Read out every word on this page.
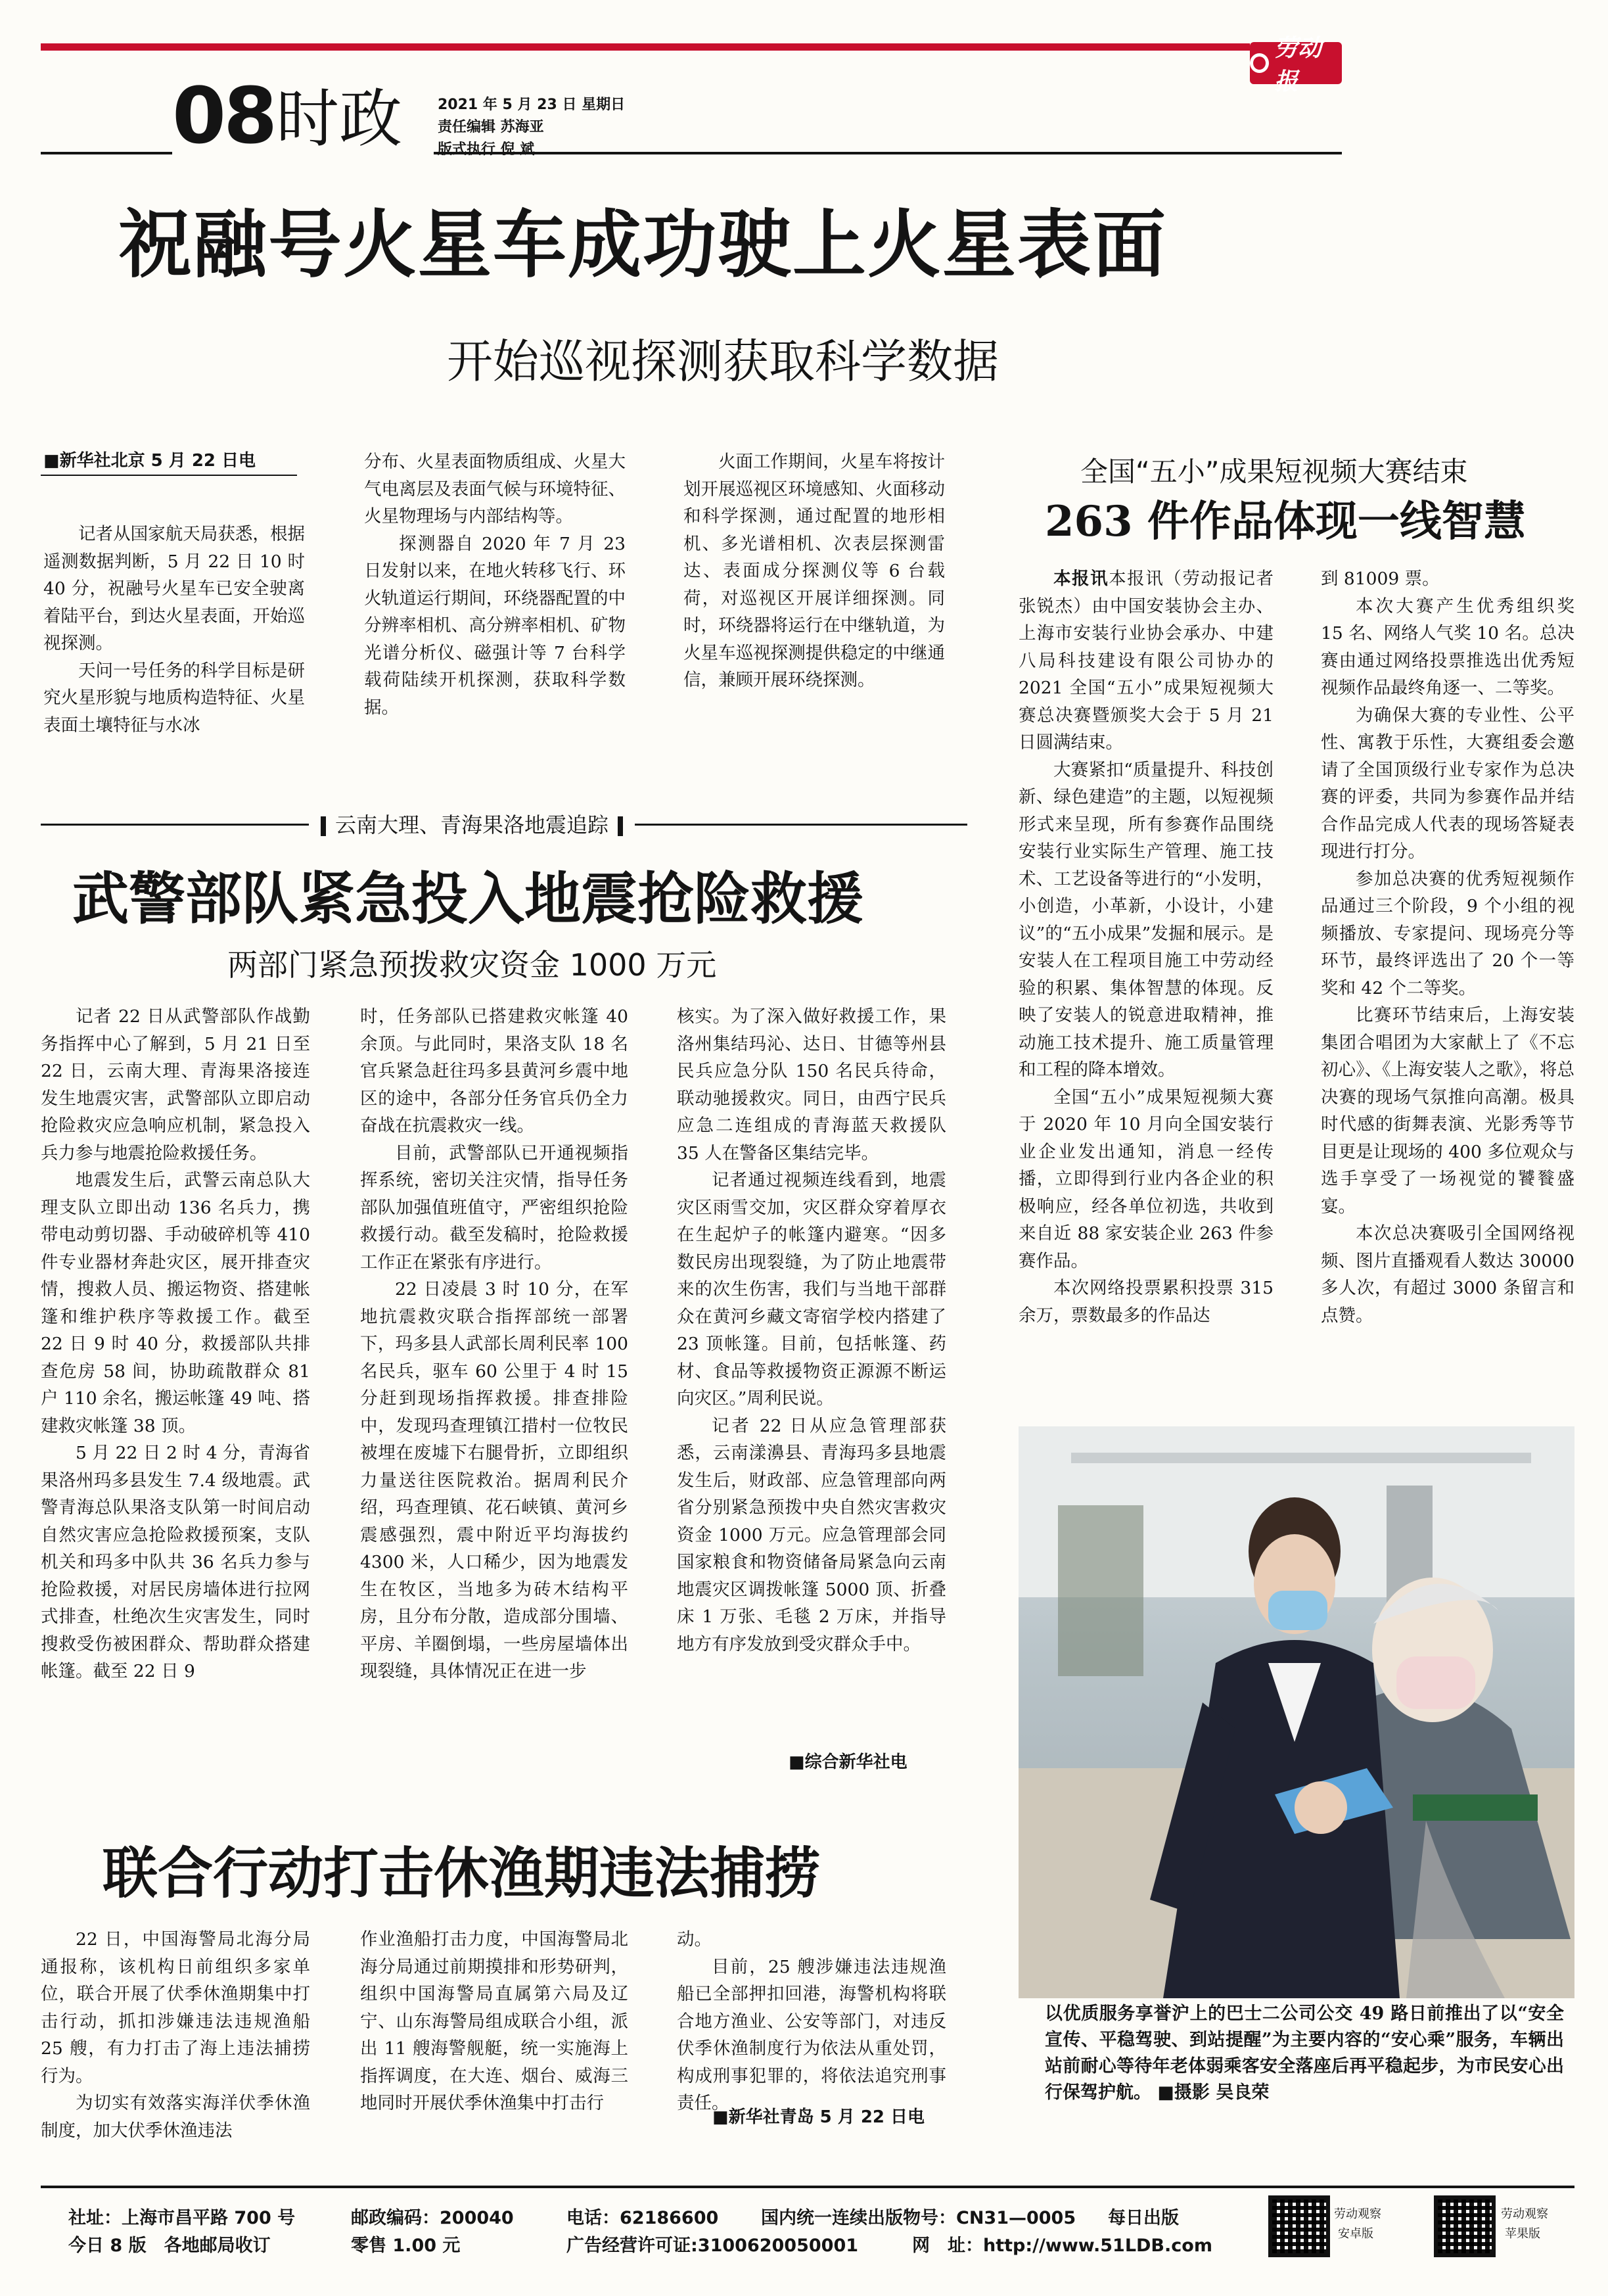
劳动报
08 时政 2021 年 5 月 23 日 星期日
责任编辑 苏海亚
版式执行 倪 斌
祝融号火星车成功驶上火星表面
开始巡视探测获取科学数据
■ 新华社北京 5 月 22 日电

记者从国家航天局获悉，根据遥测数据判断，5 月 22 日 10 时 40 分，祝融号火星车已安全驶离着陆平台，到达火星表面，开始巡视探测。

天问一号任务的科学目标是研究火星形貌与地质构造特征、火星表面土壤特征与水冰

分布、火星表面物质组成、火星大气电离层及表面气候与环境特征、火星物理场与内部结构等。

探测器自 2020 年 7 月 23 日发射以来，在地火转移飞行、环火轨道运行期间，环绕器配置的中分辨率相机、高分辨率相机、矿物光谱分析仪、磁强计等 7 台科学载荷陆续开机探测，获取科学数据。

火面工作期间，火星车将按计划开展巡视区环境感知、火面移动和科学探测，通过配置的地形相机、多光谱相机、次表层探测雷达、表面成分探测仪等 6 台载荷，对巡视区开展详细探测。同时，环绕器将运行在中继轨道，为火星车巡视探测提供稳定的中继通信，兼顾开展环绕探测。

全国“五小”成果短视频大赛结束
263 件作品体现一线智慧

本报讯本报讯（劳动报记者 张锐杰）由中国安装协会主办、上海市安装行业协会承办、中建八局科技建设有限公司协办的 2021 全国“五小”成果短视频大赛总决赛暨颁奖大会于 5 月 21 日圆满结束。

大赛紧扣“质量提升、科技创新、绿色建造”的主题，以短视频形式来呈现，所有参赛作品围绕安装行业实际生产管理、施工技术、工艺设备等进行的“小发明，小创造，小革新，小设计，小建议”的“五小成果”发掘和展示。是安装人在工程项目施工中劳动经验的积累、集体智慧的体现。反映了安装人的锐意进取精神，推动施工技术提升、施工质量管理和工程的降本增效。

全国“五小”成果短视频大赛于 2020 年 10 月向全国安装行业企业发出通知，消息一经传播，立即得到行业内各企业的积极响应，经各单位初选，共收到来自近 88 家安装企业 263 件参赛作品。

本次网络投票累积投票 315 余万，票数最多的作品达

到 81009 票。

本次大赛产生优秀组织奖 15 名、网络人气奖 10 名。总决赛由通过网络投票推选出优秀短视频作品最终角逐一、二等奖。

为确保大赛的专业性、公平性、寓教于乐性，大赛组委会邀请了全国顶级行业专家作为总决赛的评委，共同为参赛作品并结合作品完成人代表的现场答疑表现进行打分。

参加总决赛的优秀短视频作品通过三个阶段，9 个小组的视频播放、专家提问、现场亮分等环节，最终评选出了 20 个一等奖和 42 个二等奖。

比赛环节结束后，上海安装集团合唱团为大家献上了《不忘初心》、《上海安装人之歌》，将总决赛的现场气氛推向高潮。极具时代感的街舞表演、光影秀等节目更是让现场的 400 多位观众与选手享受了一场视觉的饕餮盛宴。

本次总决赛吸引全国网络视频、图片直播观看人数达 30000 多人次，有超过 3000 条留言和点赞。

云南大理、青海果洛地震追踪
武警部队紧急投入地震抢险救援
两部门紧急预拨救灾资金 1000 万元

记者 22 日从武警部队作战勤务指挥中心了解到，5 月 21 日至 22 日，云南大理、青海果洛接连发生地震灾害，武警部队立即启动抢险救灾应急响应机制，紧急投入兵力参与地震抢险救援任务。

地震发生后，武警云南总队大理支队立即出动 136 名兵力，携带电动剪切器、手动破碎机等 410 件专业器材奔赴灾区，展开排查灾情，搜救人员、搬运物资、搭建帐篷和维护秩序等救援工作。截至 22 日 9 时 40 分，救援部队共排查危房 58 间，协助疏散群众 81 户 110 余名，搬运帐篷 49 吨、搭建救灾帐篷 38 顶。

5 月 22 日 2 时 4 分，青海省果洛州玛多县发生 7.4 级地震。武警青海总队果洛支队第一时间启动自然灾害应急抢险救援预案，支队机关和玛多中队共 36 名兵力参与抢险救援，对居民房墙体进行拉网式排查，杜绝次生灾害发生，同时搜救受伤被困群众、帮助群众搭建帐篷。截至 22 日 9

时，任务部队已搭建救灾帐篷 40 余顶。与此同时，果洛支队 18 名官兵紧急赶往玛多县黄河乡震中地区的途中，各部分任务官兵仍全力奋战在抗震救灾一线。

目前，武警部队已开通视频指挥系统，密切关注灾情，指导任务部队加强值班值守，严密组织抢险救援行动。截至发稿时，抢险救援工作正在紧张有序进行。

22 日凌晨 3 时 10 分，在军地抗震救灾联合指挥部统一部署下，玛多县人武部长周利民率 100 名民兵，驱车 60 公里于 4 时 15 分赶到现场指挥救援。排查排险中，发现玛查理镇江措村一位牧民被埋在废墟下右腿骨折，立即组织力量送往医院救治。据周利民介绍，玛查理镇、花石峡镇、黄河乡震感强烈，震中附近平均海拔约 4300 米，人口稀少，因为地震发生在牧区，当地多为砖木结构平房，且分布分散，造成部分围墙、平房、羊圈倒塌，一些房屋墙体出现裂缝，具体情况正在进一步

核实。为了深入做好救援工作，果洛州集结玛沁、达日、甘德等州县民兵应急分队 150 名民兵待命，联动驰援救灾。同日，由西宁民兵应急二连组成的青海蓝天救援队 35 人在警备区集结完毕。

记者通过视频连线看到，地震灾区雨雪交加，灾区群众穿着厚衣在生起炉子的帐篷内避寒。“因多数民房出现裂缝，为了防止地震带来的次生伤害，我们与当地干部群众在黄河乡藏文寄宿学校内搭建了 23 顶帐篷。目前，包括帐篷、药材、食品等救援物资正源源不断运向灾区。”周利民说。

记者 22 日从应急管理部获悉，云南漾濞县、青海玛多县地震发生后，财政部、应急管理部向两省分别紧急预拨中央自然灾害救灾资金 1000 万元。应急管理部会同国家粮食和物资储备局紧急向云南地震灾区调拨帐篷 5000 顶、折叠床 1 万张、毛毯 2 万床，并指导地方有序发放到受灾群众手中。

■ 综合新华社电
以优质服务享誉沪上的巴士二公司公交 49 路日前推出了以“安全宣传、平稳驾驶、到站提醒”为主要内容的“安心乘”服务，车辆出站前耐心等待年老体弱乘客安全落座后再平稳起步，为市民安心出行保驾护航。 ■摄影 吴良荣
联合行动打击休渔期违法捕捞

22 日，中国海警局北海分局通报称，该机构日前组织多家单位，联合开展了伏季休渔期集中打击行动，抓扣涉嫌违法违规渔船 25 艘，有力打击了海上违法捕捞行为。

为切实有效落实海洋伏季休渔制度，加大伏季休渔违法

作业渔船打击力度，中国海警局北海分局通过前期摸排和形势研判，组织中国海警局直属第六局及辽宁、山东海警局组成联合小组，派出 11 艘海警舰艇，统一实施海上指挥调度，在大连、烟台、威海三地同时开展伏季休渔集中打击行

动。

目前，25 艘涉嫌违法违规渔船已全部押扣回港，海警机构将联合地方渔业、公安等部门，对违反伏季休渔制度行为依法从重处罚，构成刑事犯罪的，将依法追究刑事责任。

■ 新华社青岛 5 月 22 日电
社址：上海市昌平路 700 号
今日 8 版　各地邮局收订
邮政编码：200040
零售 1.00 元
电话：62186600
广告经营许可证:3100620050001
国内统一连续出版物号：CN31—0005 每日出版
网　址：http://www.51LDB.com
劳动观察
安卓版
劳动观察
苹果版
